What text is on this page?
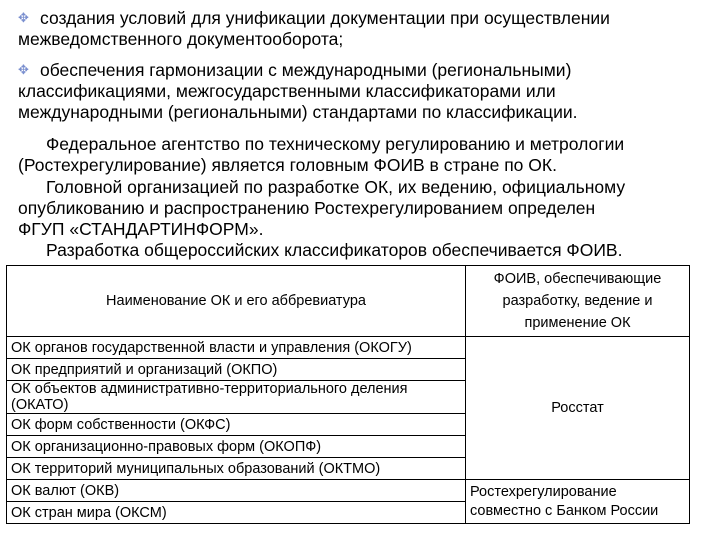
✥ создания условий для унификации документации при осуществлении
межведомственного документооборота;
✥ обеспечения гармонизации с международными (региональными)
классификациями, межгосударственными классификаторами или
международными (региональными) стандартами по классификации.
Федеральное агентство по техническому регулированию и метрологии
(Ростехрегулирование) является головным ФОИВ в стране по ОК.
Головной организацией по разработке ОК, их ведению, официальному
опубликованию и распространению Ростехрегулированием определен
ФГУП «СТАНДАРТИНФОРМ».
Разработка общероссийских классификаторов обеспечивается ФОИВ.
Наименование ОК и его аббревиатура	ФОИВ, обеспечивающие
разработку, ведение и
применение ОК
ОК органов государственной власти и управления (ОКОГУ)	Росстат
ОК предприятий и организаций (ОКПО)	
ОК объектов административно-территориального деления
(ОКАТО)	
ОК форм собственности (ОКФС)	
ОК организационно-правовых форм (ОКОПФ)	
ОК территорий муниципальных образований (ОКТМО)	
ОК валют (ОКВ)	Ростехрегулирование
совместно с Банком России
ОК стран мира (ОКСМ)	
